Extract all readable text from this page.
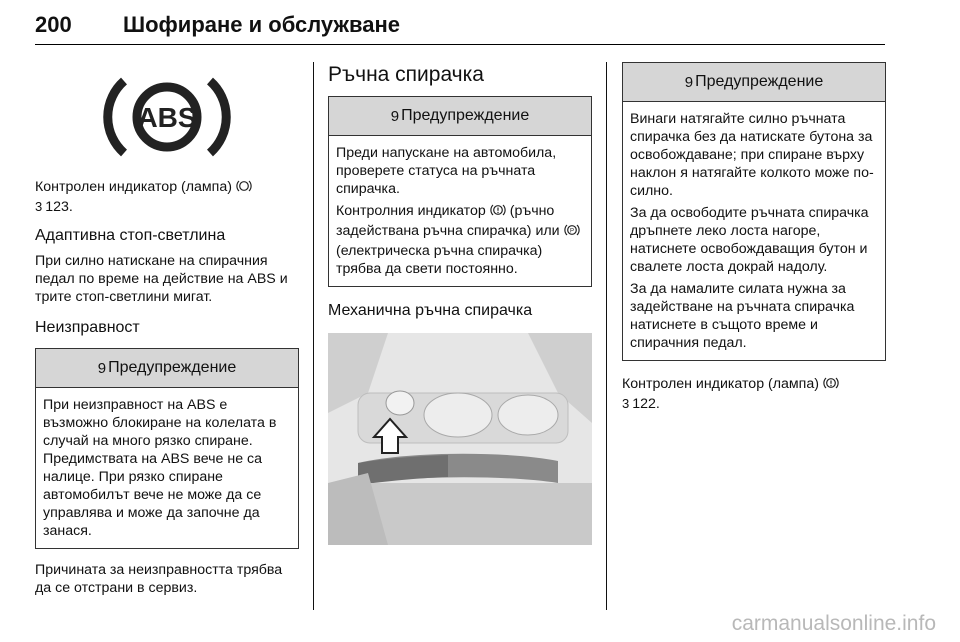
200 Шофиране и обслужване
ABS

Контролен индикатор (лампа)

3 123.

Адаптивна стоп-светлина

При силно натискане на спирачния педал по време на действие на ABS и трите стоп-светлини мигат.

Неизправност

9 Предупреждение

При неизправност на ABS е възможно блокиране на колелата в случай на много рязко спиране. Предимствата на ABS вече не са налице. При рязко спиране автомобилът вече не може да се управлява и може да започне да занася.

Причината за неизправността трябва да се отстрани в сервиз.

Ръчна спирачка

9 Предупреждение

Преди напускане на автомобила, проверете статуса на ръчната спирачка.

Контролния индикатор (ръчно задействана ръчна спирачка) или P
(електрическа ръчна спирачка) трябва да свети постоянно.

Механична ръчна спирачка

9 Предупреждение

Винаги натягайте силно ръчната спирачка без да натискате бутона за освобождаване; при спиране върху наклон я натягайте колкото може по-силно.

За да освободите ръчната спирачка дръпнете леко лоста нагоре, натиснете освобождаващия бутон и свалете лоста докрай надолу.

За да намалите силата нужна за задействане на ръчната спирачка натиснете в същото време и спирачния педал.

Контролен индикатор (лампа)

3 122.

carmanualsonline.info
